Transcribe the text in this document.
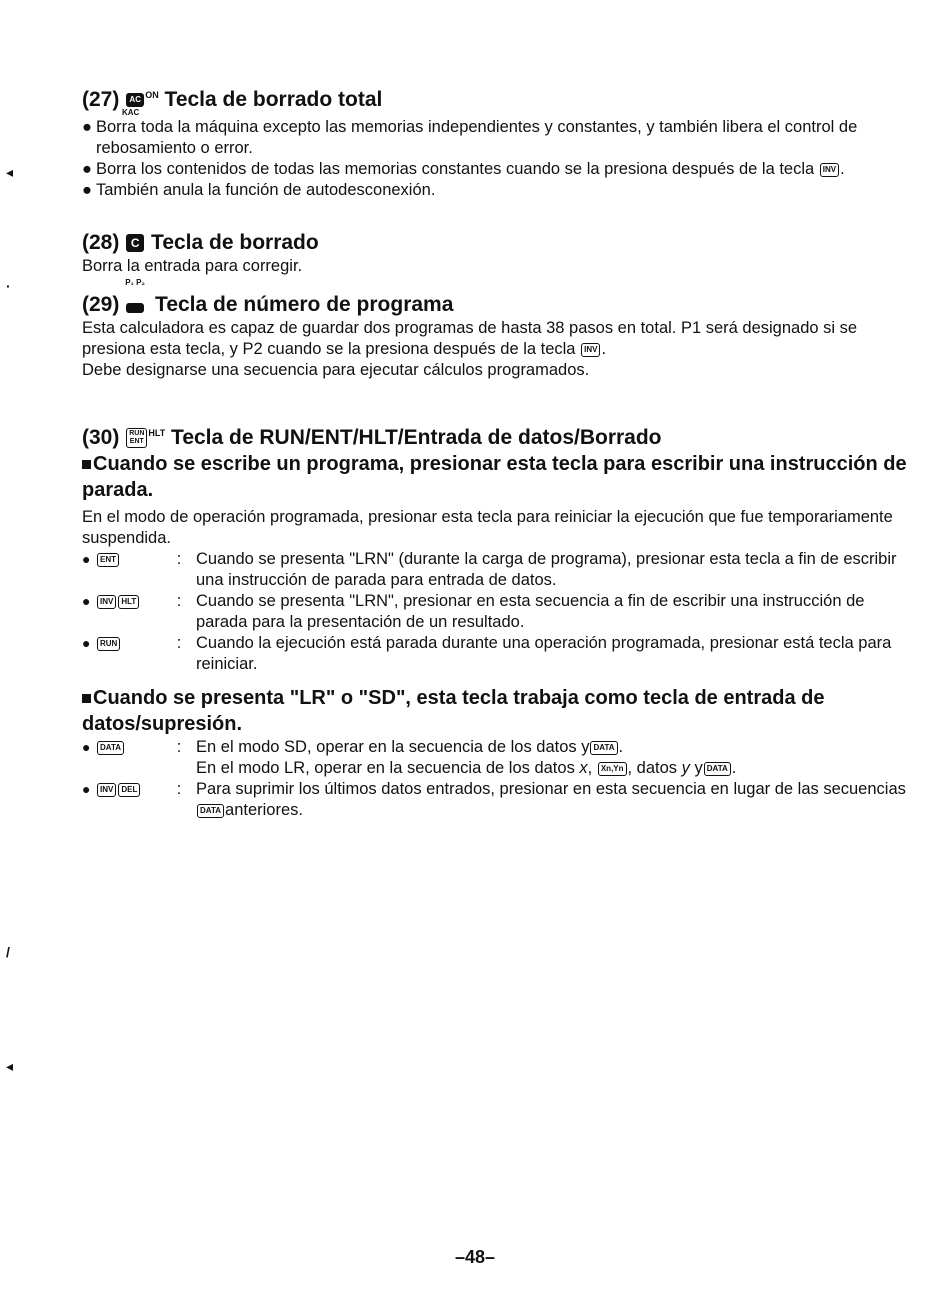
(27) AC $^{ON}$ Tecla de borrado total
KAC
● Borra toda la máquina excepto las memorias independientes y constantes, y también libera el control de rebosamiento o error.
● Borra los contenidos de todas las memorias constantes cuando se la presiona después de la tecla INV .
● También anula la función de autodesconexión.
(28) C Tecla de borrado
Borra la entrada para corregir.
(29)
P₁ P₂
Tecla de número de programa
Esta calculadora es capaz de guardar dos programas de hasta 38 pasos en total. P1 será designado si se presiona esta tecla, y P2 cuando se la presiona después de la tecla INV .
Debe designarse una secuencia para ejecutar cálculos programados.
(30) RUN
$ENT^{HLT}$ Tecla de RUN/ENT/HLT/Entrada de datos/Borrado
Cuando se escribe un programa, presionar esta tecla para escribir una instrucción de parada.
En el modo de operación programada, presionar esta tecla para reiniciar la ejecución que fue temporariamente suspendida.
●	ENT	: Cuando se presenta "LRN" (durante la carga de programa), presionar esta tecla a fin de escribir una instrucción de parada para entrada de datos.
●	INV HLT	: Cuando se presenta "LRN", presionar en esta secuencia a fin de escribir una instrucción de parada para la presentación de un resultado.
●	RUN	: Cuando la ejecución está parada durante una operación programada, presionar está tecla para reiniciar.
Cuando se presenta "LR" o "SD", esta tecla trabaja como tecla de entrada de datos/supresión.
●	DATA	: En el modo SD, operar en la secuencia de los datos y DATA .
En el modo LR, operar en la secuencia de los datos x, Xn,Yn , datos y y DATA .
●	INV DEL	: Para suprimir los últimos datos entrados, presionar en esta secuencia en lugar de las secuencias DATA anteriores.
◂
·
/
◂
–48–
